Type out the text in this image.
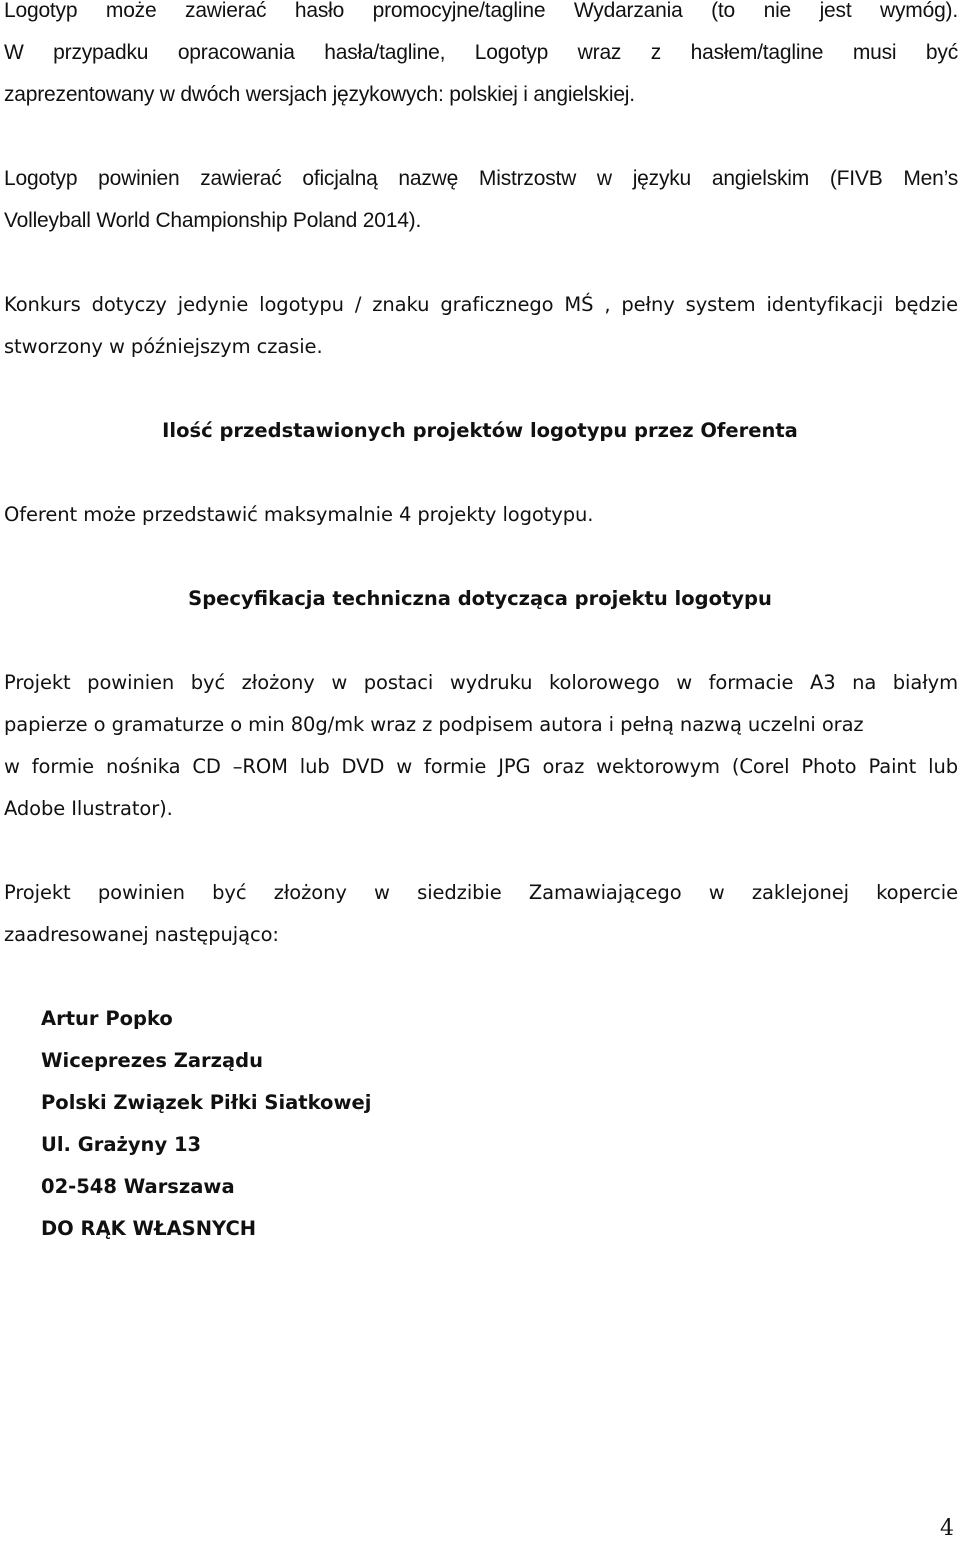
Logotyp może zawierać hasło promocyjne/tagline Wydarzania (to nie jest wymóg).
W przypadku opracowania hasła/tagline, Logotyp wraz z hasłem/tagline musi być
zaprezentowany w dwóch wersjach językowych: polskiej i angielskiej.

Logotyp powinien zawierać oficjalną nazwę Mistrzostw w języku angielskim (FIVB Men’s
Volleyball World Championship Poland 2014).

Konkurs dotyczy jedynie logotypu / znaku graficznego MŚ , pełny system identyfikacji będzie
stworzony w późniejszym czasie.

Ilość przedstawionych projektów logotypu przez Oferenta

Oferent może przedstawić maksymalnie 4 projekty logotypu.

Specyfikacja techniczna dotycząca projektu logotypu

Projekt powinien być złożony w postaci wydruku kolorowego w formacie A3 na białym
papierze o gramaturze o min 80g/mk wraz z podpisem autora i pełną nazwą uczelni oraz
w formie nośnika CD –ROM lub DVD w formie JPG oraz wektorowym (Corel Photo Paint lub
Adobe Ilustrator).

Projekt powinien być złożony w siedzibie Zamawiającego w zaklejonej kopercie
zaadresowanej następująco:

Artur Popko
Wiceprezes Zarządu
Polski Związek Piłki Siatkowej
Ul. Grażyny 13
02-548 Warszawa
DO RĄK WŁASNYCH
4
